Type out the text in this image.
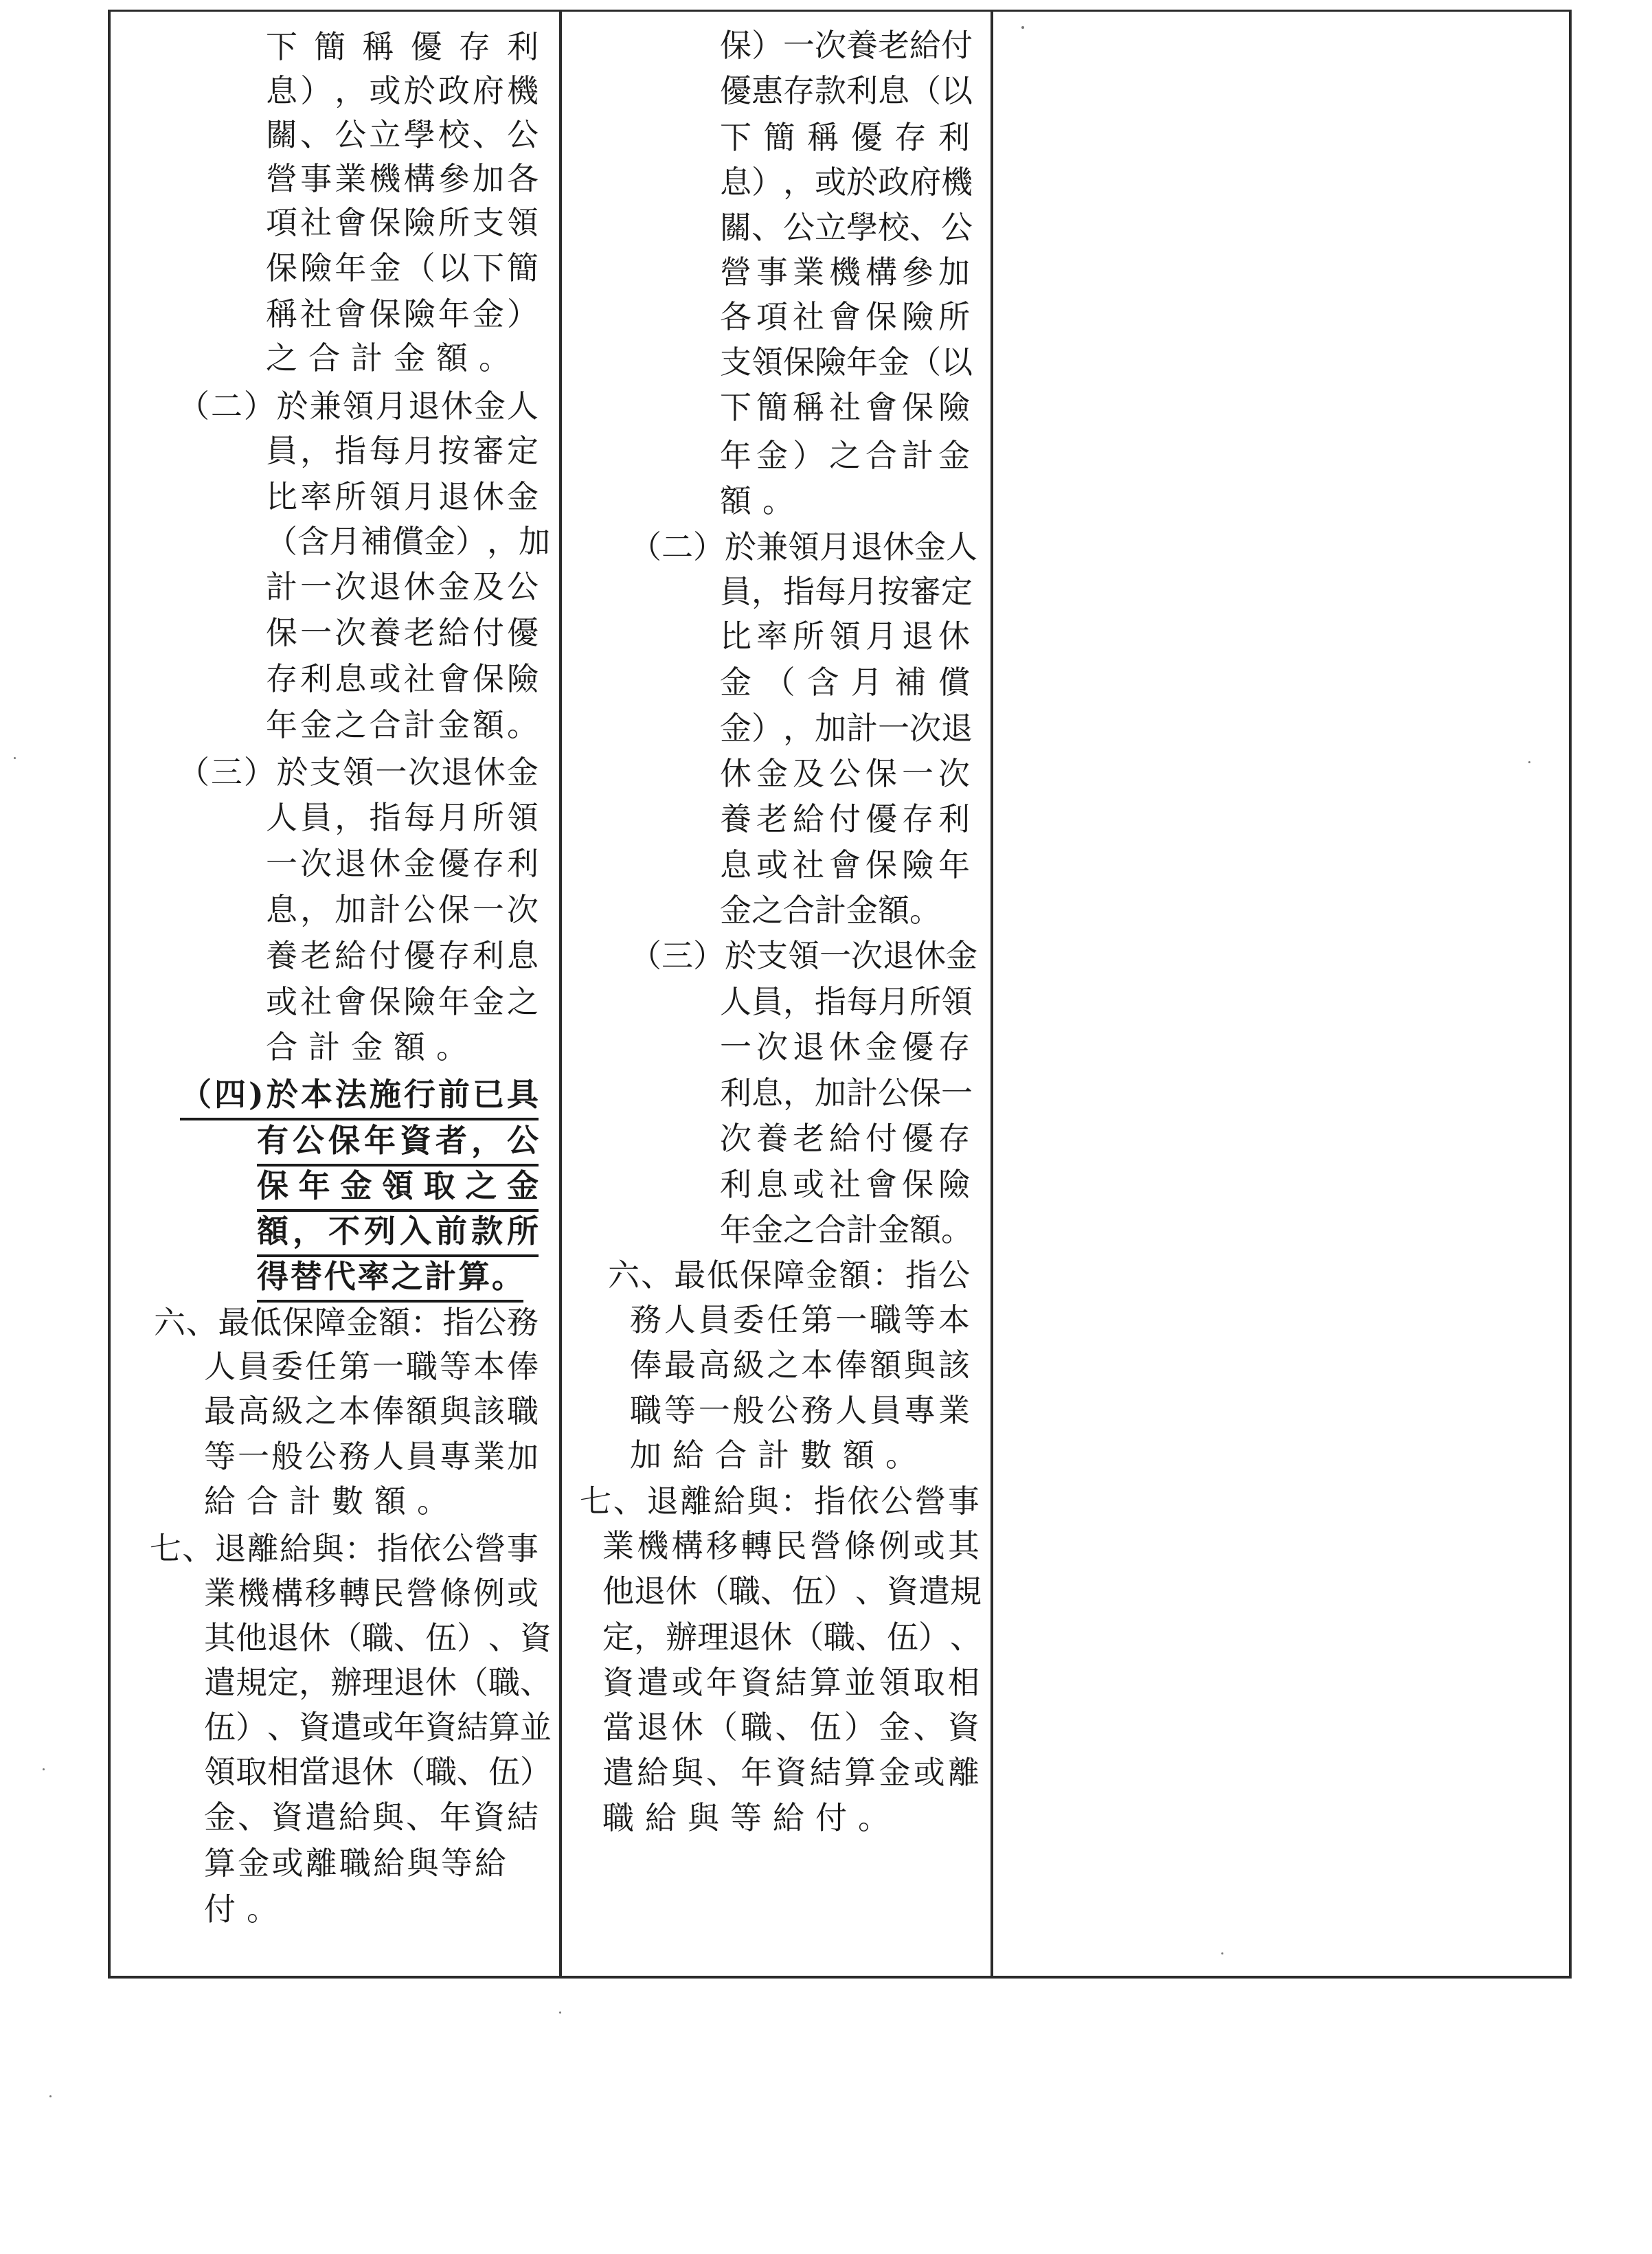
下 簡 稱 優 存 利
息 ） ， 或 於 政 府 機
關 、 公 立 學 校 、 公
營 事 業 機 構 參 加 各
項 社 會 保 險 所 支 領
保 險 年 金 （ 以 下 簡
稱 社 會 保 險 年 金 ）
之合計金額。
（ 二 ） 於 兼 領 月 退 休 金 人
員 ， 指 每 月 按 審 定
比 率 所 領 月 退 休 金
（ 含 月 補 償 金 ） ， 加
計 一 次 退 休 金 及 公
保 一 次 養 老 給 付 優
存 利 息 或 社 會 保 險
年 金 之 合 計 金 額 。
（ 三 ） 於 支 領 一 次 退 休 金
人 員 ， 指 每 月 所 領
一 次 退 休 金 優 存 利
息 ， 加 計 公 保 一 次
養 老 給 付 優 存 利 息
或 社 會 保 險 年 金 之
合計金額。
（ 四 ) 於 本 法 施 行 前 已 具
有 公 保 年 資 者 ， 公
保 年 金 領 取 之 金
額 ， 不 列 入 前 款 所
得 替 代 率 之 計 算 。
六 、 最 低 保 障 金 額 ： 指 公 務
人 員 委 任 第 一 職 等 本 俸
最 高 級 之 本 俸 額 與 該 職
等 一 般 公 務 人 員 專 業 加
給合計數額。
七 、 退 離 給 與 ： 指 依 公 營 事
業 機 構 移 轉 民 營 條 例 或
其 他 退 休 （ 職 、 伍 ） 、 資
遣 規 定 ， 辦 理 退 休 （ 職 、
伍 ） 、 資 遣 或 年 資 結 算 並
領 取 相 當 退 休 （ 職 、 伍 ）
金 、 資 遣 給 與 、 年 資 結
算 金 或 離 職 給 與 等 給
付。
保 ） 一 次 養 老 給 付
優 惠 存 款 利 息 （ 以
下 簡 稱 優 存 利
息 ） ， 或 於 政 府 機
關 、 公 立 學 校 、 公
營 事 業 機 構 參 加
各 項 社 會 保 險 所
支 領 保 險 年 金 （ 以
下 簡 稱 社 會 保 險
年 金 ） 之 合 計 金
額。
（ 二 ） 於 兼 領 月 退 休 金 人
員 ， 指 每 月 按 審 定
比 率 所 領 月 退 休
金 （ 含 月 補 償
金 ） ， 加 計 一 次 退
休 金 及 公 保 一 次
養 老 給 付 優 存 利
息 或 社 會 保 險 年
金 之 合 計 金 額 。
（ 三 ） 於 支 領 一 次 退 休 金
人 員 ， 指 每 月 所 領
一 次 退 休 金 優 存
利 息 ， 加 計 公 保 一
次 養 老 給 付 優 存
利 息 或 社 會 保 險
年 金 之 合 計 金 額 。
六 、 最 低 保 障 金 額 ： 指 公
務 人 員 委 任 第 一 職 等 本
俸 最 高 級 之 本 俸 額 與 該
職 等 一 般 公 務 人 員 專 業
加給合計數額。
七 、 退 離 給 與 ： 指 依 公 營 事
業 機 構 移 轉 民 營 條 例 或 其
他 退 休 （ 職 、 伍 ） 、 資 遣 規
定 ， 辦 理 退 休 （ 職 、 伍 ） 、
資 遣 或 年 資 結 算 並 領 取 相
當 退 休 （ 職 、 伍 ） 金 、 資
遣 給 與 、 年 資 結 算 金 或 離
職給與等給付。
